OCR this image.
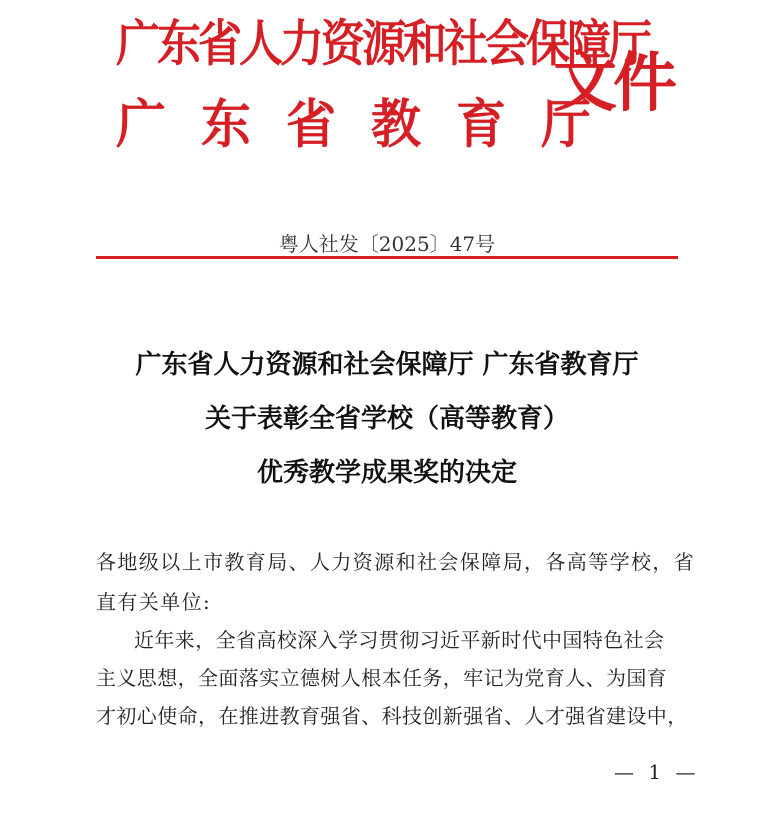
广东省人力资源和社会保障厅
广东省教育厅
文件
粤人社发〔2025〕47号
广东省人力资源和社会保障厅 广东省教育厅
关于表彰全省学校（高等教育）
优秀教学成果奖的决定
各地级以上市教育局、人力资源和社会保障局，各高等学校，省
直有关单位:
近年来，全省高校深入学习贯彻习近平新时代中国特色社会
主义思想，全面落实立德树人根本任务，牢记为党育人、为国育
才初心使命，在推进教育强省、科技创新强省、人才强省建设中，
— 1 —
